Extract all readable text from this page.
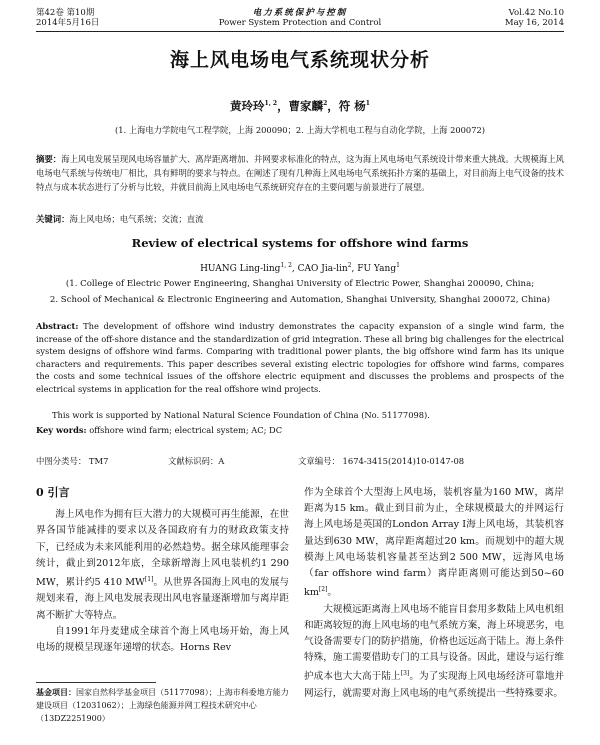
第42卷 第10期
2014年5月16日
电力系统保护与控制
Power System Protection and Control
Vol.42 No.10
May 16, 2014
海上风电场电气系统现状分析
黄玲玲$^{1, 2}$，曹家麟$^2$，符 杨$^1$
(1. 上海电力学院电气工程学院，上海 200090；2. 上海大学机电工程与自动化学院，上海 200072)
摘要：海上风电发展呈现风电场容量扩大、离岸距离增加、并网要求标准化的特点，这为海上风电场电气系统设计带来重大挑战。大规模海上风电场电气系统与传统电厂相比，具有鲜明的要求与特点。在阐述了现有几种海上风电场电气系统拓扑方案的基础上，对目前海上电气设备的技术特点与成本状态进行了分析与比较，并就目前海上风电场电气系统研究存在的主要问题与前景进行了展望。
关键词：海上风电场；电气系统；交流；直流
Review of electrical systems for offshore wind farms
HUANG Ling-ling$^{1, 2}$, CAO Jia-lin$^2$, FU Yang$^1$
(1. College of Electric Power Engineering, Shanghai University of Electric Power, Shanghai 200090, China;
2. School of Mechanical & Electronic Engineering and Automation, Shanghai University, Shanghai 200072, China)
Abstract: The development of offshore wind industry demonstrates the capacity expansion of a single wind farm, the increase of the off-shore distance and the standardization of grid integration. These all bring big challenges for the electrical system designs of offshore wind farms. Comparing with traditional power plants, the big offshore wind farm has its unique characters and requirements. This paper describes several existing electric topologies for offshore wind farms, compares the costs and some technical issues of the offshore electric equipment and discusses the problems and prospects of the electrical systems in application for the real offshore wind projects.
This work is supported by National Natural Science Foundation of China (No. 51177098).
Key words: offshore wind farm; electrical system; AC; DC
中图分类号： TM7	文献标识码：A	文章编号： 1674-3415(2014)10-0147-08
0 引言

海上风电作为拥有巨大潜力的大规模可再生能源，在世界各国节能减排的要求以及各国政府有力的财政政策支持下，已经成为未来风能利用的必然趋势。据全球风能理事会统计，截止到2012年底，全球新增海上风电装机约1 290 MW，累计约5 410 MW[1]。从世界各国海上风电的发展与规划来看，海上风电发展表现出风电容量逐渐增加与离岸距离不断扩大等特点。

自1991年丹麦建成全球首个海上风电场开始，海上风电场的规模呈现逐年递增的状态。Horns Rev

作为全球首个大型海上风电场，装机容量为160 MW，离岸距离为15 km。截止到目前为止，全球规模最大的并网运行海上风电场是英国的London Array I海上风电场，其装机容量达到630 MW，离岸距离超过20 km。而规划中的超大规模海上风电场装机容量甚至达到2 500 MW，远海风电场（far offshore wind farm）离岸距离则可能达到50~60 km[2]。

大规模远距离海上风电场不能盲目套用多数陆上风电机组和距离较短的海上风电场的电气系统方案，海上环境恶劣，电气设备需要专门的防护措施，价格也远远高于陆上。海上条件特殊，施工需要借助专门的工具与设备。因此，建设与运行维护成本也大大高于陆上[3]。为了实现海上风电场经济可靠地并网运行，就需要对海上风电场的电气系统提出一些特殊要求。

基金项目：国家自然科学基金项目（51177098）；上海市科委地方能力建设项目（12031062）；上海绿色能源并网工程技术研究中心（13DZ2251900）
